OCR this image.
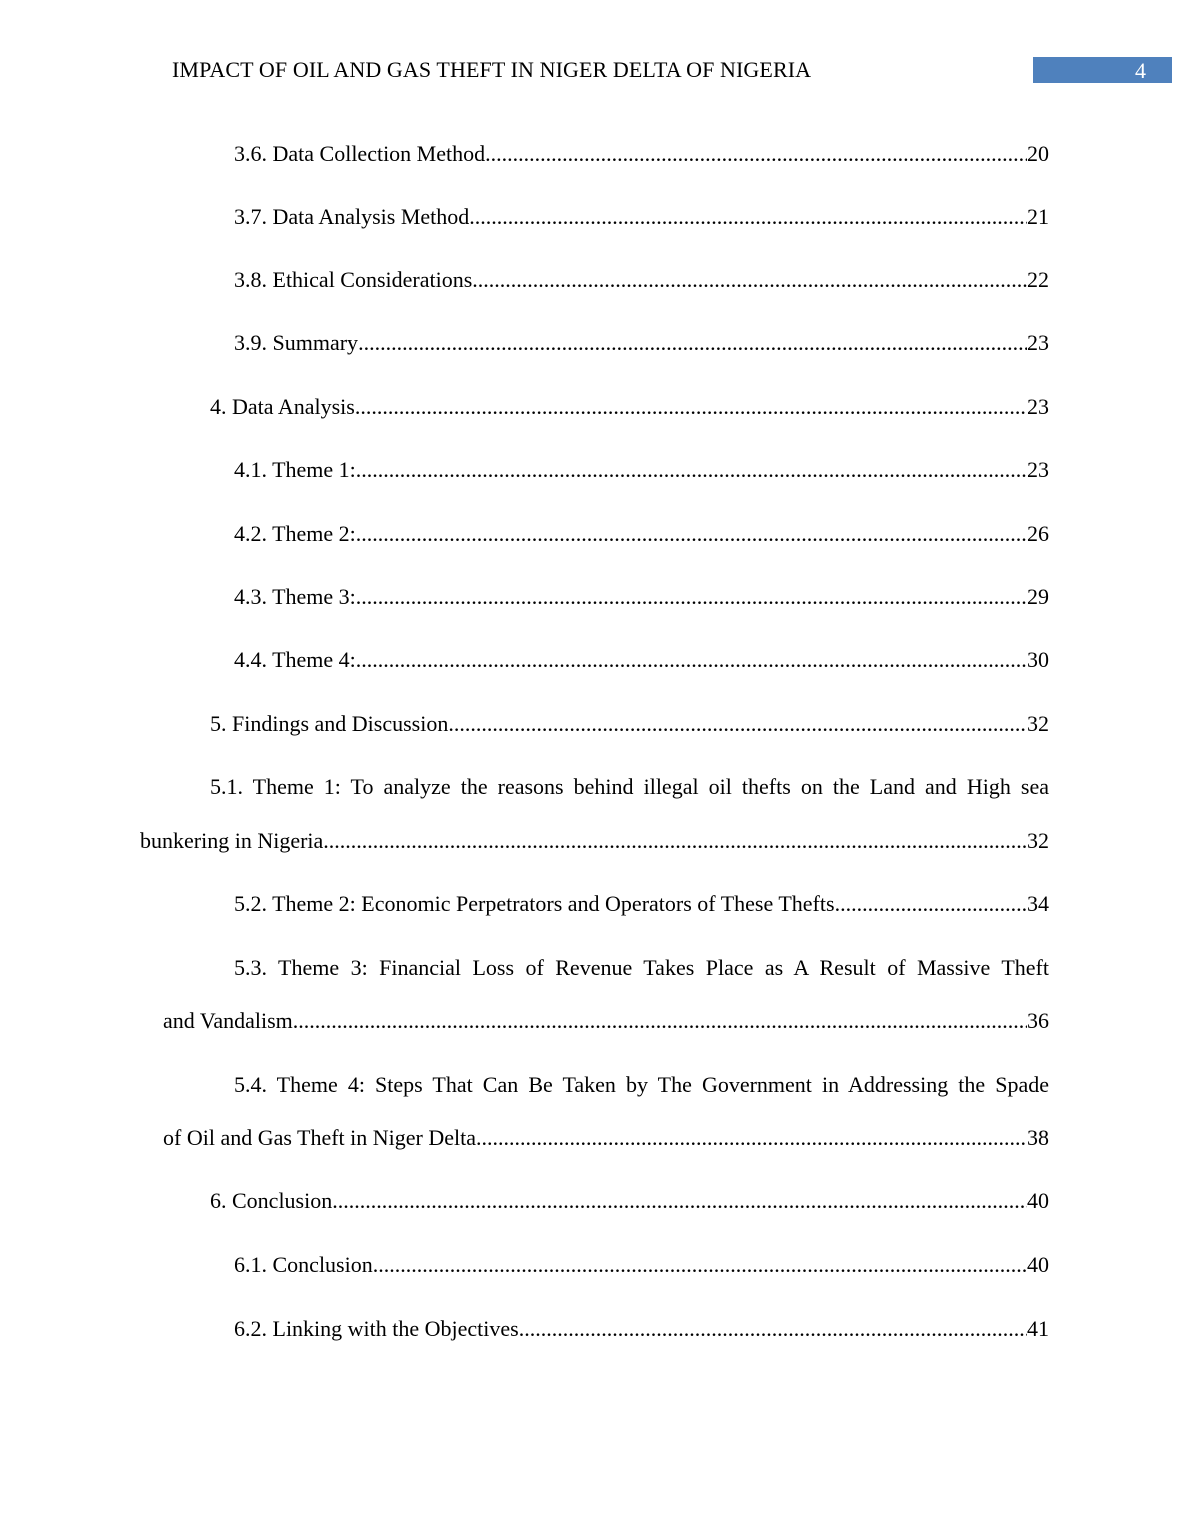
IMPACT OF OIL AND GAS THEFT IN NIGER DELTA OF NIGERIA	4
3.6. Data Collection Method .....	20
3.7. Data Analysis Method .....	21
3.8. Ethical Considerations .....	22
3.9. Summary .....	23
4. Data Analysis .....	23
4.1. Theme 1: .....	23
4.2. Theme 2: .....	26
4.3. Theme 3: .....	29
4.4. Theme 4: .....	30
5. Findings and Discussion .....	32
5.1. Theme 1: To analyze the reasons behind illegal oil thefts on the Land and High sea
bunkering in Nigeria .....	32
5.2. Theme 2: Economic Perpetrators and Operators of These Thefts .....	34
5.3. Theme 3: Financial Loss of Revenue Takes Place as A Result of Massive Theft
and Vandalism .....	36
5.4. Theme 4: Steps That Can Be Taken by The Government in Addressing the Spade
of Oil and Gas Theft in Niger Delta .....	38
6. Conclusion .....	40
6.1. Conclusion .....	40
6.2. Linking with the Objectives .....	41
